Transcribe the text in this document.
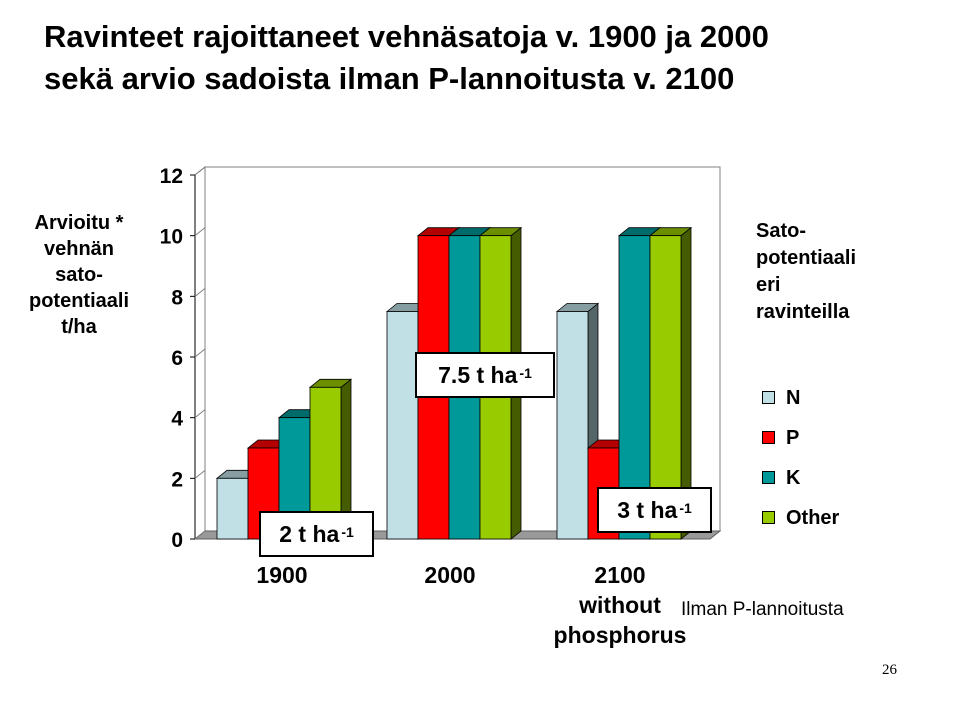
Ravinteet rajoittaneet vehnäsatoja v. 1900 ja 2000
sekä arvio sadoista ilman P-lannoitusta v. 2100
Arvioitu *
vehnän
sato-
potentiaali
t/ha
0
2
4
6
8
10
12
Sato-
potentiaali
eri
ravinteilla
N
P
K
Other
1900	2000	2100
without
phosphorus
2 t $ha^{-1}$
7.5 t $ha^{-1}$
3 t $ha^{-1}$
Ilman P-lannoitusta
26
